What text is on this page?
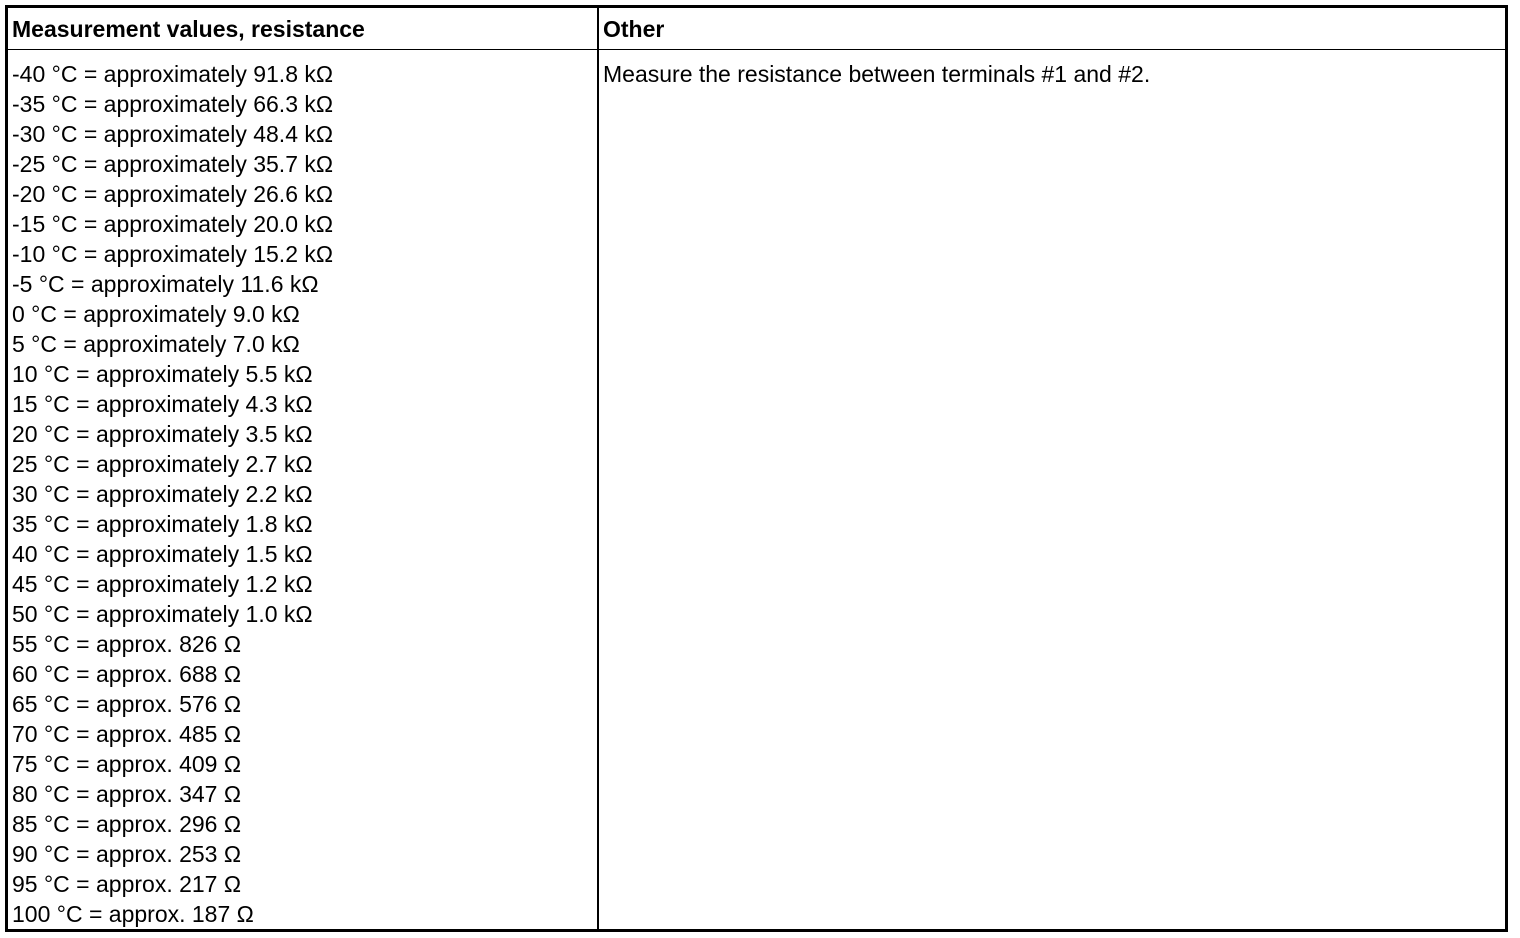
Measurement values, resistance	Other
-40 °C = approximately 91.8 kΩ
-35 °C = approximately 66.3 kΩ
-30 °C = approximately 48.4 kΩ
-25 °C = approximately 35.7 kΩ
-20 °C = approximately 26.6 kΩ
-15 °C = approximately 20.0 kΩ
-10 °C = approximately 15.2 kΩ
-5 °C = approximately 11.6 kΩ
0 °C = approximately 9.0 kΩ
5 °C = approximately 7.0 kΩ
10 °C = approximately 5.5 kΩ
15 °C = approximately 4.3 kΩ
20 °C = approximately 3.5 kΩ
25 °C = approximately 2.7 kΩ
30 °C = approximately 2.2 kΩ
35 °C = approximately 1.8 kΩ
40 °C = approximately 1.5 kΩ
45 °C = approximately 1.2 kΩ
50 °C = approximately 1.0 kΩ
55 °C = approx. 826 Ω
60 °C = approx. 688 Ω
65 °C = approx. 576 Ω
70 °C = approx. 485 Ω
75 °C = approx. 409 Ω
80 °C = approx. 347 Ω
85 °C = approx. 296 Ω
90 °C = approx. 253 Ω
95 °C = approx. 217 Ω
100 °C = approx. 187 Ω
Measure the resistance between terminals #1 and #2.
